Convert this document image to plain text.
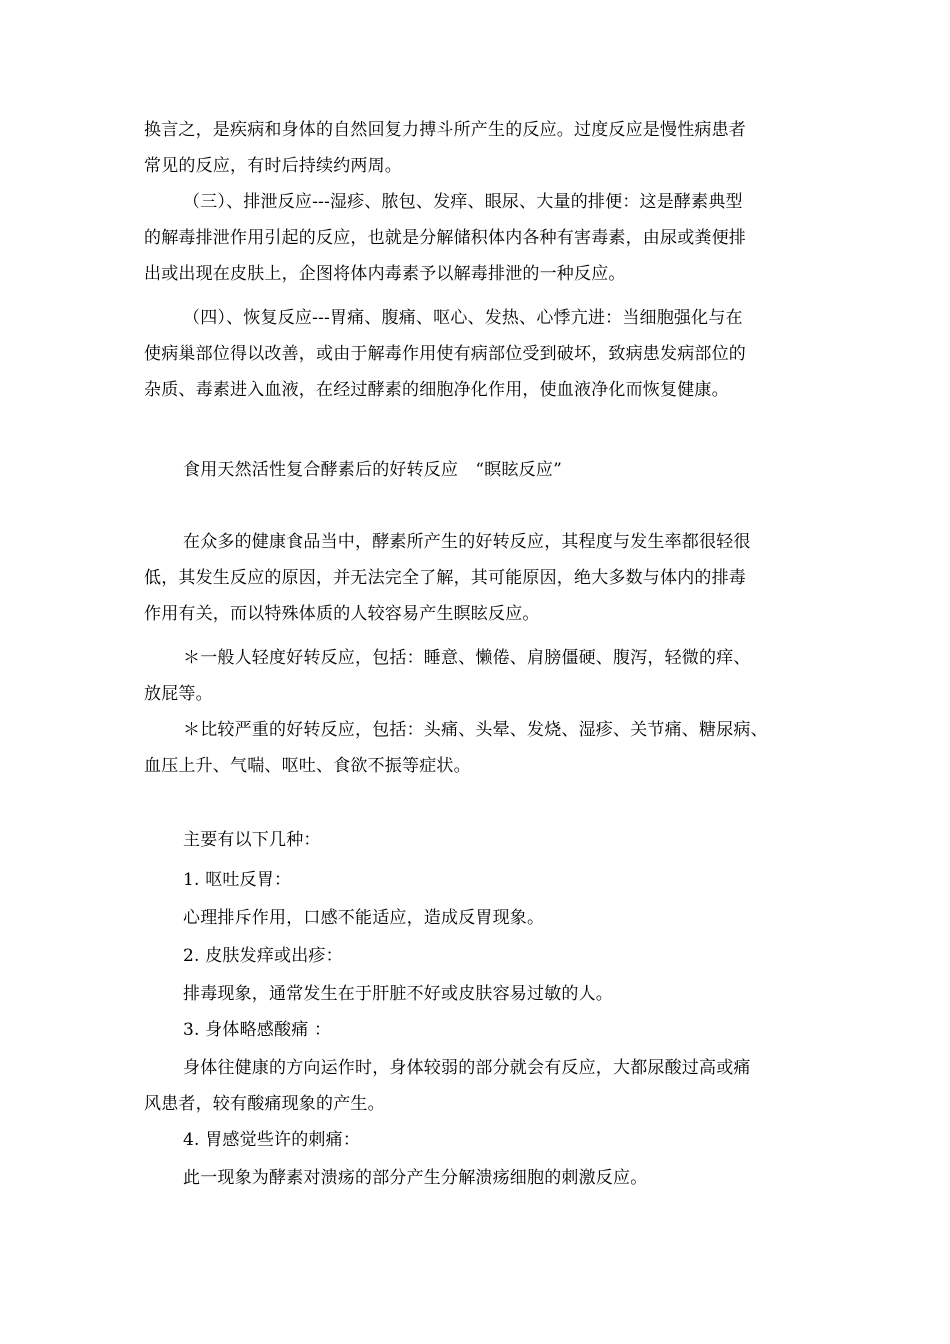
换言之，是疾病和身体的自然回复力搏斗所产生的反应。过度反应是慢性病患者
常见的反应，有时后持续约两周。
（三）、排泄反应---湿疹、脓包、发痒、眼尿、大量的排便：这是酵素典型
的解毒排泄作用引起的反应，也就是分解储积体内各种有害毒素，由尿或粪便排
出或出现在皮肤上，企图将体内毒素予以解毒排泄的一种反应。
（四）、恢复反应---胃痛、腹痛、呕心、发热、心悸亢进：当细胞强化与在
使病巢部位得以改善，或由于解毒作用使有病部位受到破坏，致病患发病部位的
杂质、毒素进入血液，在经过酵素的细胞净化作用，使血液净化而恢复健康。
食用天然活性复合酵素后的好转反应　“瞑眩反应”
在众多的健康食品当中，酵素所产生的好转反应，其程度与发生率都很轻很
低，其发生反应的原因，并无法完全了解，其可能原因，绝大多数与体内的排毒
作用有关，而以特殊体质的人较容易产生瞑眩反应。
＊一般人轻度好转反应，包括：睡意、懒倦、肩膀僵硬、腹泻，轻微的痒、
放屁等。
＊比较严重的好转反应，包括：头痛、头晕、发烧、湿疹、关节痛、糖尿病、
血压上升、气喘、呕吐、食欲不振等症状。
主要有以下几种：
1. 呕吐反胃：
心理排斥作用，口感不能适应，造成反胃现象。
2. 皮肤发痒或出疹：
排毒现象，通常发生在于肝脏不好或皮肤容易过敏的人。
3. 身体略感酸痛 ：
身体往健康的方向运作时，身体较弱的部分就会有反应，大都尿酸过高或痛
风患者，较有酸痛现象的产生。
4. 胃感觉些许的刺痛：
此一现象为酵素对溃疡的部分产生分解溃疡细胞的刺激反应。
